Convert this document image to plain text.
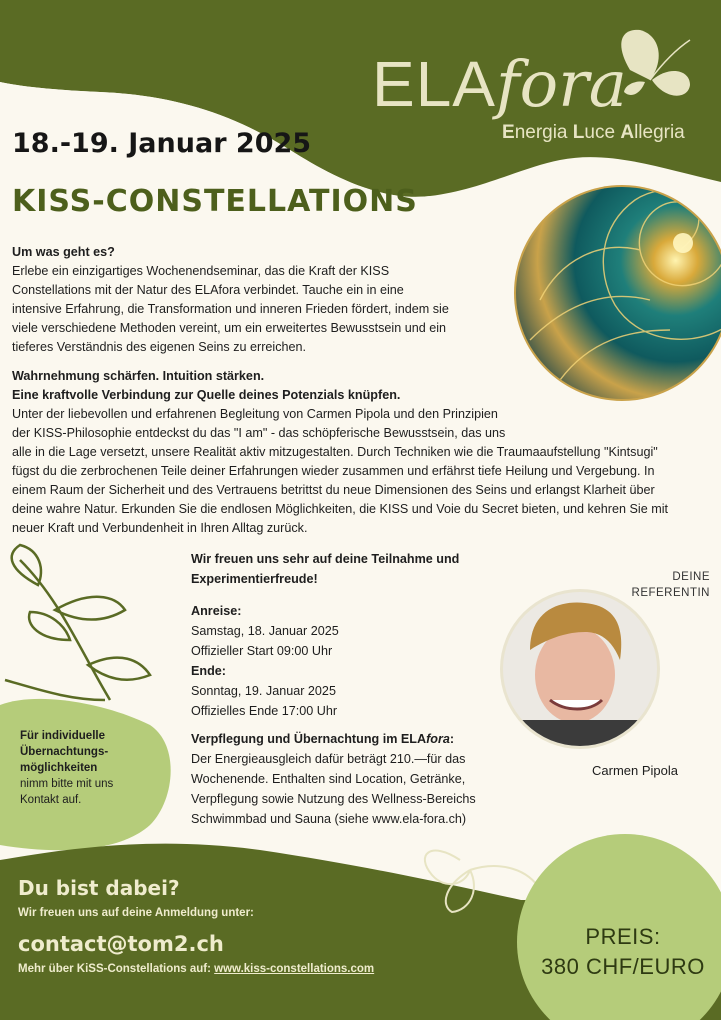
ELAfora
Energia Luce Allegria
18.-19. Januar 2025
KISS-CONSTELLATIONS
Um was geht es?
Erlebe ein einzigartiges Wochenendseminar, das die Kraft der KISS
Constellations mit der Natur des ELAfora verbindet. Tauche ein in eine
intensive Erfahrung, die Transformation und inneren Frieden fördert, indem sie
viele verschiedene Methoden vereint, um ein erweitertes Bewusstsein und ein
tieferes Verständnis des eigenen Seins zu erreichen.
Wahrnehmung schärfen. Intuition stärken.
Eine kraftvolle Verbindung zur Quelle deines Potenzials knüpfen.
Unter der liebevollen und erfahrenen Begleitung von Carmen Pipola und den Prinzipien
der KISS-Philosophie entdeckst du das "I am" - das schöpferische Bewusstsein, das uns
alle in die Lage versetzt, unsere Realität aktiv mitzugestalten. Durch Techniken wie die Traumaaufstellung "Kintsugi"
fügst du die zerbrochenen Teile deiner Erfahrungen wieder zusammen und erfährst tiefe Heilung und Vergebung. In
einem Raum der Sicherheit und des Vertrauens betrittst du neue Dimensionen des Seins und erlangst Klarheit über
deine wahre Natur. Erkunden Sie die endlosen Möglichkeiten, die KISS und Voie du Secret bieten, und kehren Sie mit
neuer Kraft und Verbundenheit in Ihren Alltag zurück.
Wir freuen uns sehr auf deine Teilnahme und
Experimentierfreude!
Anreise:
Samstag, 18. Januar 2025
Offizieller Start 09:00 Uhr
Ende:
Sonntag, 19. Januar 2025
Offizielles Ende 17:00 Uhr
Verpflegung und Übernachtung im ELAfora:
Der Energieausgleich dafür beträgt 210.—für das
Wochenende. Enthalten sind Location, Getränke,
Verpflegung sowie Nutzung des Wellness-Bereichs
Schwimmbad und Sauna (siehe www.ela-fora.ch)
DEINE
REFERENTIN
Carmen Pipola
Für individuelle
Übernachtungs-
möglichkeiten
nimm bitte mit uns
Kontakt auf.
Du bist dabei?
Wir freuen uns auf deine Anmeldung unter:
contact@tom2.ch
Mehr über KiSS-Constellations auf: www.kiss-constellations.com
PREIS:
380 CHF/EURO
